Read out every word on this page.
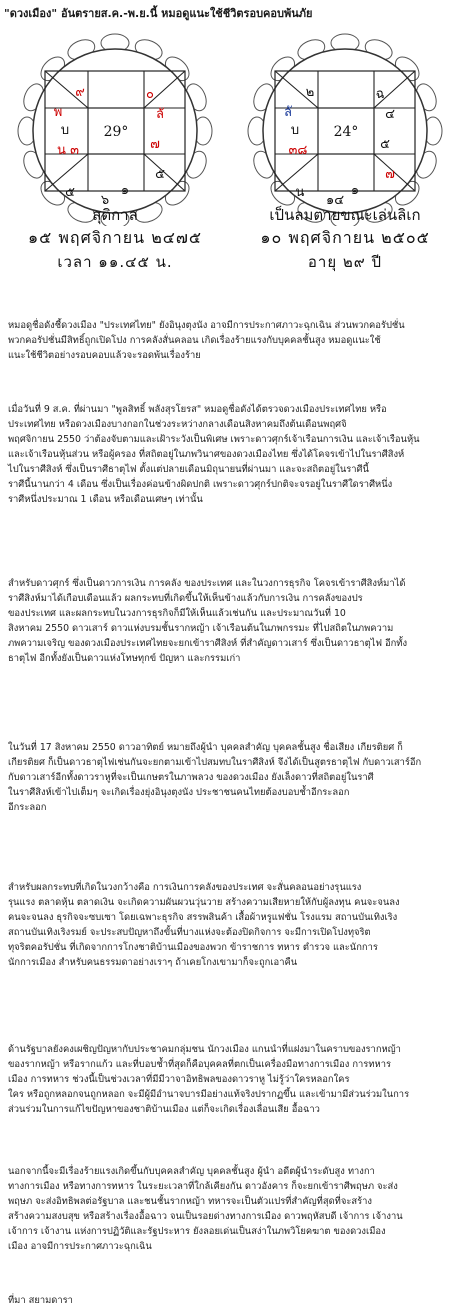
"ดวงเมือง" อันตรายส.ค.-พ.ย.นี้ หมอดูแนะใช้ชีวิตรอบคอบพ้นภัย
29°
๙	๐
ลั
๗
๕
๑
๖
๕
น ๓
บ
พ
สุติกาล
๑๕ พฤศจิกายน ๒๔๗๕
เวลา ๑๑.๔๕ น.
24°
๒	ฉ
๔
๕
๗
๑
๑๔
น
๓๘
บ
ลั
เป็นลมตายขณะเล่นลิเก
๑๐ พฤศจิกายน ๒๕๐๕
อายุ ๒๙ ปี
หมอดูชื่อดังชี้ดวงเมือง "ประเทศไทย" ยังอินุงตุงนัง อาจมีการประกาศภาวะฉุกเฉิน ส่วนพวกคอรัปชั่น
พวกคอรัปชั่นมีสิทธิ์ถูกเปิดโปง การคลังสั่นคลอน เกิดเรื่องร้ายแรงกับบุคคลชั้นสูง หมอดูแนะใช้
แนะใช้ชีวิตอย่างรอบคอบแล้วจะรอดพ้นเรื่องร้าย
เมื่อวันที่ 9 ส.ค. ที่ผ่านมา "พูลสิทธิ์ พลังสุรโยรส" หมอดูชื่อดังได้ตรวจดวงเมืองประเทศไทย หรือ
ประเทศไทย หรือดวงเมืองบางกอกในช่วงระหว่างกลางเดือนสิงหาคมถึงต้นเดือนพฤศจิ
พฤศจิกายน 2550 ว่าต้องจับตามและเฝ้าระวังเป็นพิเศษ เพราะดาวศุกร์เจ้าเรือนการเงิน และเจ้าเรือนหุ้น
และเจ้าเรือนหุ้นส่วน หรือผู้ครอง ที่สถิตอยู่ในภพวินาศของดวงเมืองไทย ซึ่งได้โคจรเข้าไปในราศีสิงห์
ไปในราศีสิงห์ ซึ่งเป็นราศีธาตุไฟ ตั้งแต่ปลายเดือนมิถุนายนที่ผ่านมา และจะสถิตอยู่ในราศีนี้
ราศีนี้นานกว่า 4 เดือน ซึ่งเป็นเรื่องค่อนข้างผิดปกติ เพราะดาวศุกร์ปกติจะจรอยู่ในราศีใดราศีหนึ่ง
ราศีหนึ่งประมาณ 1 เดือน หรือเดือนเศษๆ เท่านั้น
สำหรับดาวศุกร์ ซึ่งเป็นดาวการเงิน การคลัง ของประเทศ และในวงการธุรกิจ โคจรเข้าราศีสิงห์มาได้
ราศีสิงห์มาได้เกือบเดือนแล้ว ผลกระทบที่เกิดขึ้นให้เห็นข้างแล้วกับการเงิน การคลังของปร
ของประเทศ และผลกระทบในวงการธุรกิจก็มีให้เห็นแล้วเช่นกัน และประมาณวันที่ 10
สิงหาคม 2550 ดาวเสาร์ ดาวแห่งบรมชั้นรากหญ้า เจ้าเรือนต้นในภพกรรมะ ที่ไปสถิตในภพความ
ภพความเจริญ ของดวงเมืองประเทศไทยจะยกเข้าราศีสิงห์ ที่สำคัญดาวเสาร์ ซึ่งเป็นดาวธาตุไฟ อีกทั้ง
ธาตุไฟ อีกทั้งยังเป็นดาวแห่งโทษทุกข์ ปัญหา และกรรมเก่า
ในวันที่ 17 สิงหาคม 2550 ดาวอาทิตย์ หมายถึงผู้นำ บุคคลสำคัญ บุคคลชั้นสูง ชื่อเสียง เกียรติยศ ก็
เกียรติยศ ก็เป็นดาวธาตุไฟเช่นกันจะยกตามเข้าไปสมทบในราศีสิงห์ จึงได้เป็นสูตรธาตุไฟ กับดาวเสาร์อีก
กับดาวเสาร์อีกทั้งดาวราหูที่จะเป็นเกษตรในภาพลวง ของดวงเมือง ยังเล็งดาวที่สถิตอยู่ในราศี
ในราศีสิงห์เข้าไปเต็มๆ จะเกิดเรื่องยุ่งอินุงตุงนัง ประชาชนคนไทยต้องบอบช้ำอีกระลอก
อีกระลอก
สำหรับผลกระทบที่เกิดในวงกว้างคือ การเงินการคลังของประเทศ จะสั่นคลอนอย่างรุนแรง
รุนแรง ตลาดหุ้น ตลาดเงิน จะเกิดความผันผวนวุ่นวาย สร้างความเสียหายให้กับผู้ลงทุน คนจะจนลง
คนจะจนลง ธุรกิจจะซบเซา โดยเฉพาะธุรกิจ สรรพสินค้า เสื้อผ้าหรูแฟชั่น โรงแรม สถานบันเทิงเริง
สถานบันเทิงเริงรมย์ จะประสบปัญหาถึงขั้นที่บางแห่งจะต้องปิดกิจการ จะมีการเปิดโปงทุจริต
ทุจริตคอรัปชั่น ที่เกิดจากการโกงชาติบ้านเมืองของพวก ข้าราชการ ทหาร ตำรวจ และนักการ
นักการเมือง สำหรับคนธรรมดาอย่างเราๆ ถ้าเคยโกงเขามาก็จะถูกเอาคืน
ด้านรัฐบาลยังคงเผชิญปัญหากับประชาคมกลุ่มชน นักวงเมือง แกนนำที่แฝงมาในคราบของรากหญ้า
ของรากหญ้า หรือรากแก้ว และที่บอบช้ำที่สุดก็คือบุคคลที่ตกเป็นเครื่องมือทางการเมือง การทหาร
เมือง การทหาร ช่วงนี้เป็นช่วงเวลาที่มีมีวาจาอิทธิพลของดาวราหู ไม่รู้ว่าใครหลอกใคร
ใคร หรือถูกหลอกจนถูกหลอก จะมีผู้มีอำนาจบารมีอย่างแท้จริงปรากฏขึ้น และเข้ามามีส่วนร่วมในการ
ส่วนร่วมในการแก้ไขปัญหาของชาติบ้านเมือง แต่ก็จะเกิดเรื่องเลื่อนเสีย อื้อฉาว
นอกจากนี้จะมีเรื่องร้ายแรงเกิดขึ้นกับบุคคลสำคัญ บุคคลชั้นสูง ผู้นำ อดีตผู้นำระดับสูง ทางกา
ทางการเมือง หรือทางการทหาร ในระยะเวลาที่ใกล้เคียงกัน ดาวอังคาร ก็จะยกเข้าราศีพฤษภ จะส่ง
พฤษภ จะส่งอิทธิพลต่อรัฐบาล และชนชั้นรากหญ้า ทหารจะเป็นตัวแปรที่สำคัญที่สุดที่จะสร้าง
สร้างความสงบสุข หรือสร้างเรื่องอื้อฉาว จนเป็นรอยด่างทางการเมือง ดาวพฤหัสบดี เจ้าการ เจ้างาน
เจ้าการ เจ้างาน แห่งการปฏิวัติและรัฐประหาร ยังลอยเด่นเป็นสง่าในภพวิโยคฆาต ของดวงเมือง
เมือง อาจมีการประกาศภาวะฉุกเฉิน
ที่มา สยามดารา
